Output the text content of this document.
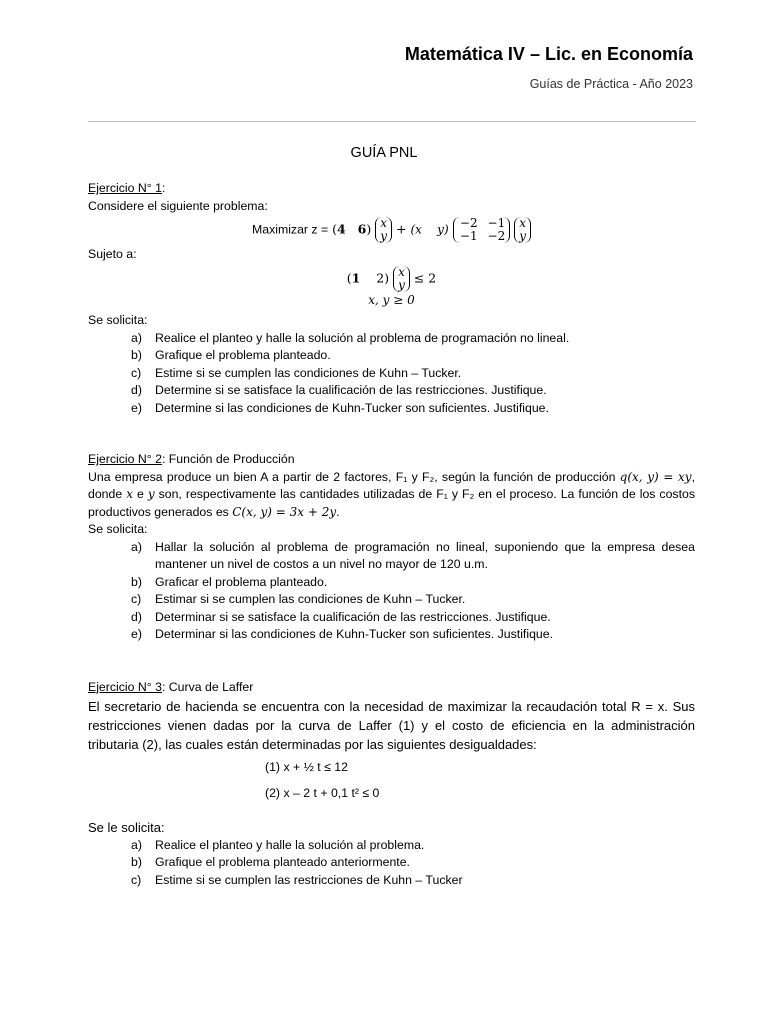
Matemática IV – Lic. en Economía
Guías de Práctica - Año 2023
GUÍA PNL

Ejercicio N° 1:

Considere el siguiente problema:

Maximizar z = (4 6) x
y + (x    y) −2 −1
−1 −2 x
y

Sujeto a:

(1    2) x
y ≤ 2
x, y ≥ 0

Se solicita:

a) Realice el planteo y halle la solución al problema de programación no lineal.
b) Grafique el problema planteado.
c) Estime si se cumplen las condiciones de Kuhn – Tucker.
d) Determine si se satisface la cualificación de las restricciones. Justifique.
e) Determine si las condiciones de Kuhn-Tucker son suficientes. Justifique.

Ejercicio N° 2: Función de Producción

Una empresa produce un bien A a partir de 2 factores, F₁ y F₂, según la función de producción q(x, y) = xy, donde x e y son, respectivamente las cantidades utilizadas de F₁ y F₂ en el proceso. La función de los costos productivos generados es C(x, y) = 3x + 2y.

Se solicita:

a) Hallar la solución al problema de programación no lineal, suponiendo que la empresa desea mantener un nivel de costos a un nivel no mayor de 120 u.m.
b) Graficar el problema planteado.
c) Estimar si se cumplen las condiciones de Kuhn – Tucker.
d) Determinar si se satisface la cualificación de las restricciones. Justifique.
e) Determinar si las condiciones de Kuhn-Tucker son suficientes. Justifique.

Ejercicio N° 3: Curva de Laffer

El secretario de hacienda se encuentra con la necesidad de maximizar la recaudación total R = x. Sus restricciones vienen dadas por la curva de Laffer (1) y el costo de eficiencia en la administración tributaria (2), las cuales están determinadas por las siguientes desigualdades:

(1) x + ½ t ≤ 12
(2) x – 2 t + 0,1 t² ≤ 0

Se le solicita:

a) Realice el planteo y halle la solución al problema.
b) Grafique el problema planteado anteriormente.
c) Estime si se cumplen las restricciones de Kuhn – Tucker
